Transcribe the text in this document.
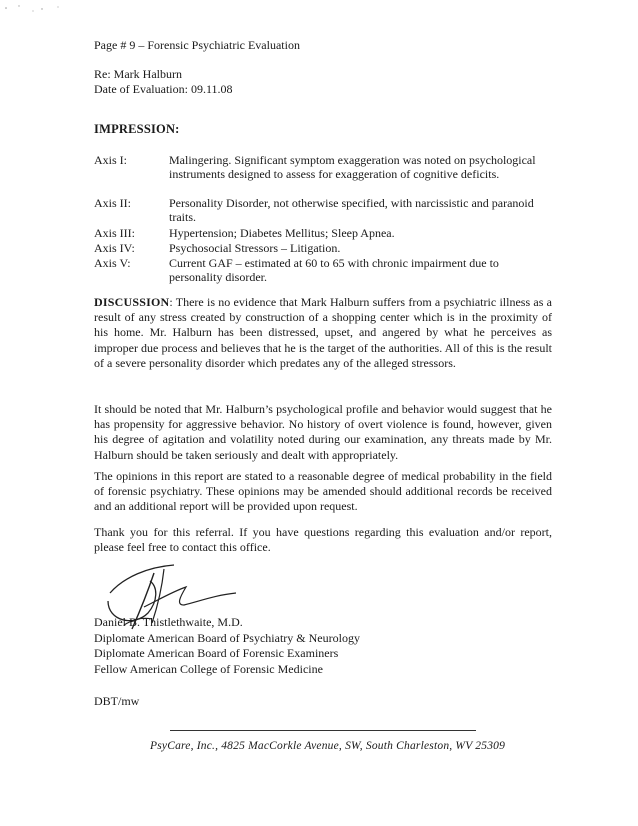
Page # 9 – Forensic Psychiatric Evaluation
Re: Mark Halburn
Date of Evaluation: 09.11.08
IMPRESSION:
Axis I:	Malingering. Significant symptom exaggeration was noted on psychological instruments designed to assess for exaggeration of cognitive deficits.
Axis II:	Personality Disorder, not otherwise specified, with narcissistic and paranoid traits.
Axis III:	Hypertension; Diabetes Mellitus; Sleep Apnea.
Axis IV:	Psychosocial Stressors – Litigation.
Axis V:	Current GAF – estimated at 60 to 65 with chronic impairment due to personality disorder.
DISCUSSION: There is no evidence that Mark Halburn suffers from a psychiatric illness as a result of any stress created by construction of a shopping center which is in the proximity of his home. Mr. Halburn has been distressed, upset, and angered by what he perceives as improper due process and believes that he is the target of the authorities. All of this is the result of a severe personality disorder which predates any of the alleged stressors.
It should be noted that Mr. Halburn’s psychological profile and behavior would suggest that he has propensity for aggressive behavior. No history of overt violence is found, however, given his degree of agitation and volatility noted during our examination, any threats made by Mr. Halburn should be taken seriously and dealt with appropriately.
The opinions in this report are stated to a reasonable degree of medical probability in the field of forensic psychiatry. These opinions may be amended should additional records be received and an additional report will be provided upon request.
Thank you for this referral. If you have questions regarding this evaluation and/or report, please feel free to contact this office.
Daniel B. Thistlethwaite, M.D.
Diplomate American Board of Psychiatry & Neurology
Diplomate American Board of Forensic Examiners
Fellow American College of Forensic Medicine
DBT/mw
PsyCare, Inc., 4825 MacCorkle Avenue, SW, South Charleston, WV 25309
